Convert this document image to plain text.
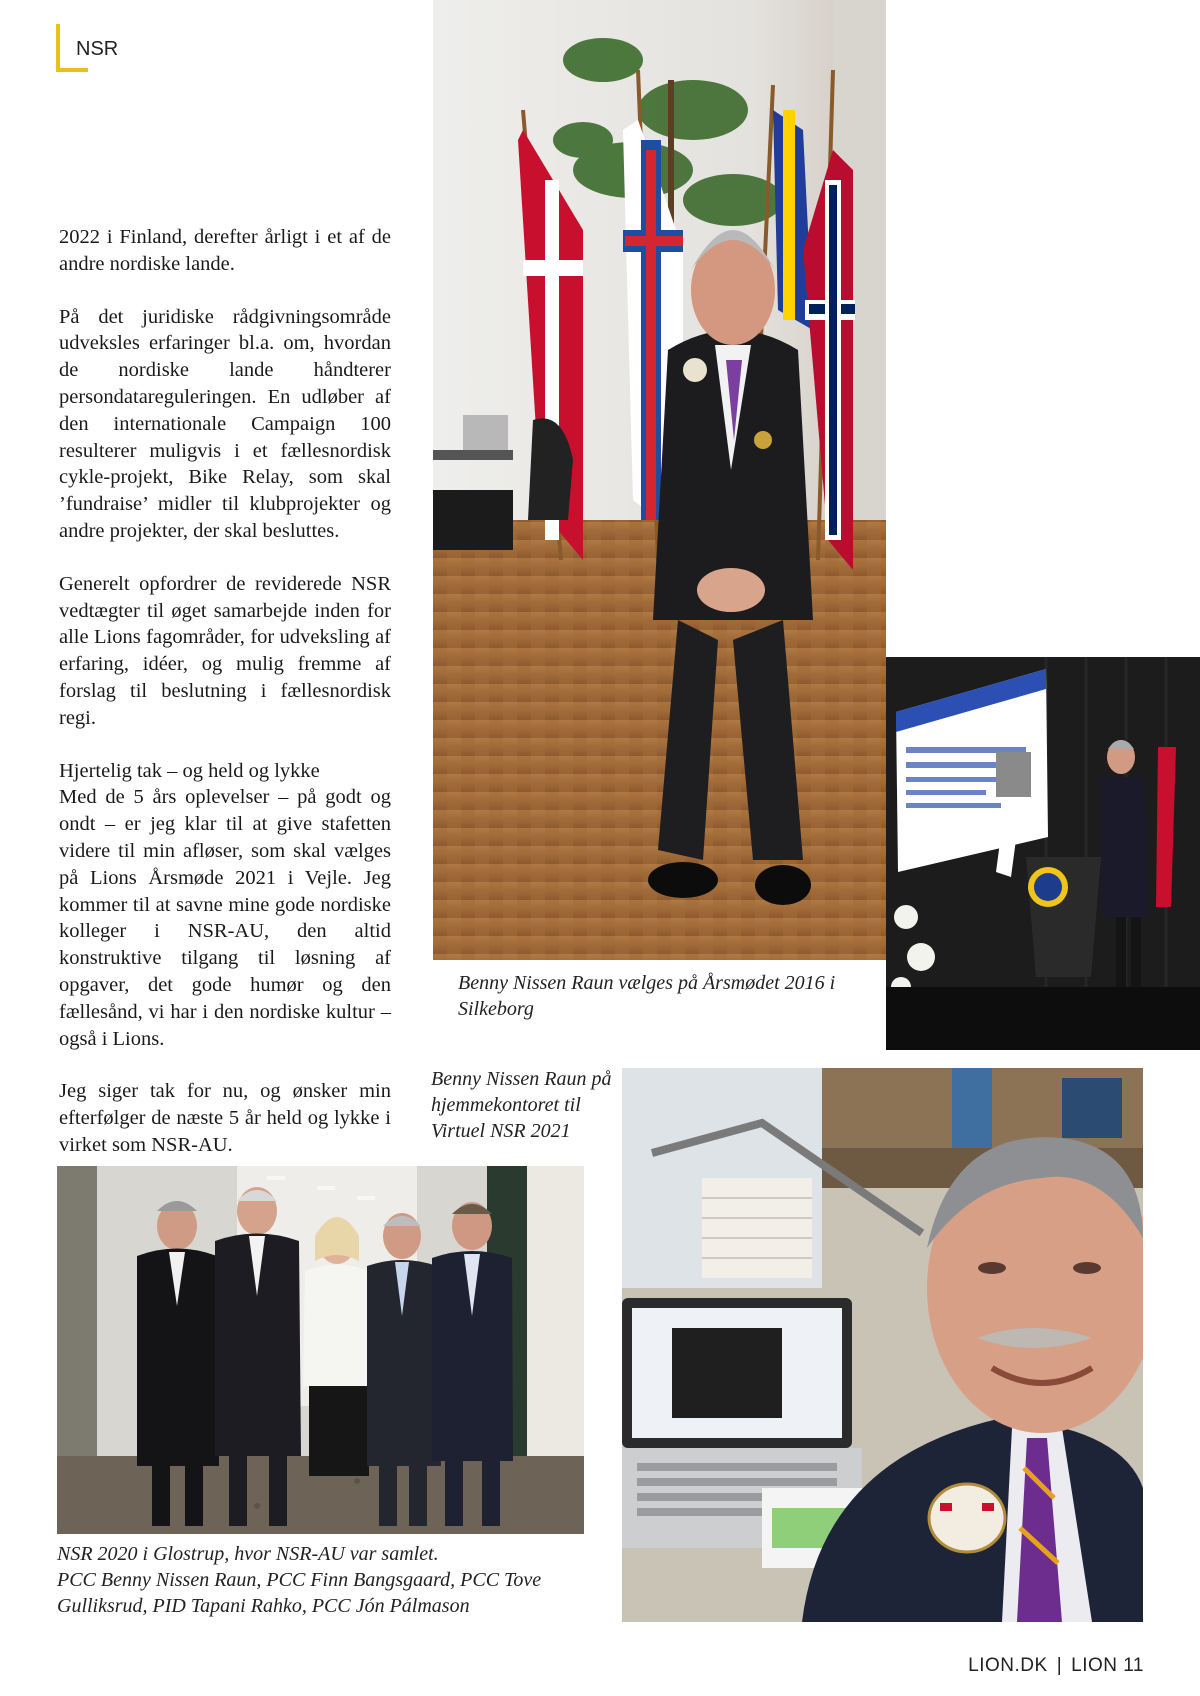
NSR

2022 i Finland, derefter årligt i et af de andre nordiske lande.

På det juridiske rådgivningsområde udveksles erfaringer bl.a. om, hvordan de nordiske lande håndterer persondatareguleringen. En udløber af den internationale Campaign 100 resulterer muligvis i et fællesnordisk cykle-projekt, Bike Relay, som skal ’fundraise’ midler til klubprojekter og andre projekter, der skal besluttes.

Generelt opfordrer de reviderede NSR vedtægter til øget samarbejde inden for alle Lions fagområder, for udveksling af erfaring, idéer, og mulig fremme af forslag til beslutning i fællesnordisk regi.

Hjertelig tak – og held og lykke

Med de 5 års oplevelser – på godt og ondt – er jeg klar til at give stafetten videre til min afløser, som skal vælges på Lions Årsmøde 2021 i Vejle. Jeg kommer til at savne mine gode nordiske kolleger i NSR-AU, den altid konstruktive tilgang til løsning af opgaver, det gode humør og den fællesånd, vi har i den nordiske kultur – også i Lions.

Jeg siger tak for nu, og ønsker min efterfølger de næste 5 år held og lykke i virket som NSR-AU.

Benny Nissen Raun vælges på Årsmødet 2016 i Silkeborg
Benny Nissen Raun på hjemmekontoret til Virtuel NSR 2021
NSR 2020 i Glostrup, hvor NSR-AU var samlet.
PCC Benny Nissen Raun, PCC Finn Bangsgaard, PCC Tove Gulliksrud, PID Tapani Rahko, PCC Jón Pálmason
LION.DK | LION 11
